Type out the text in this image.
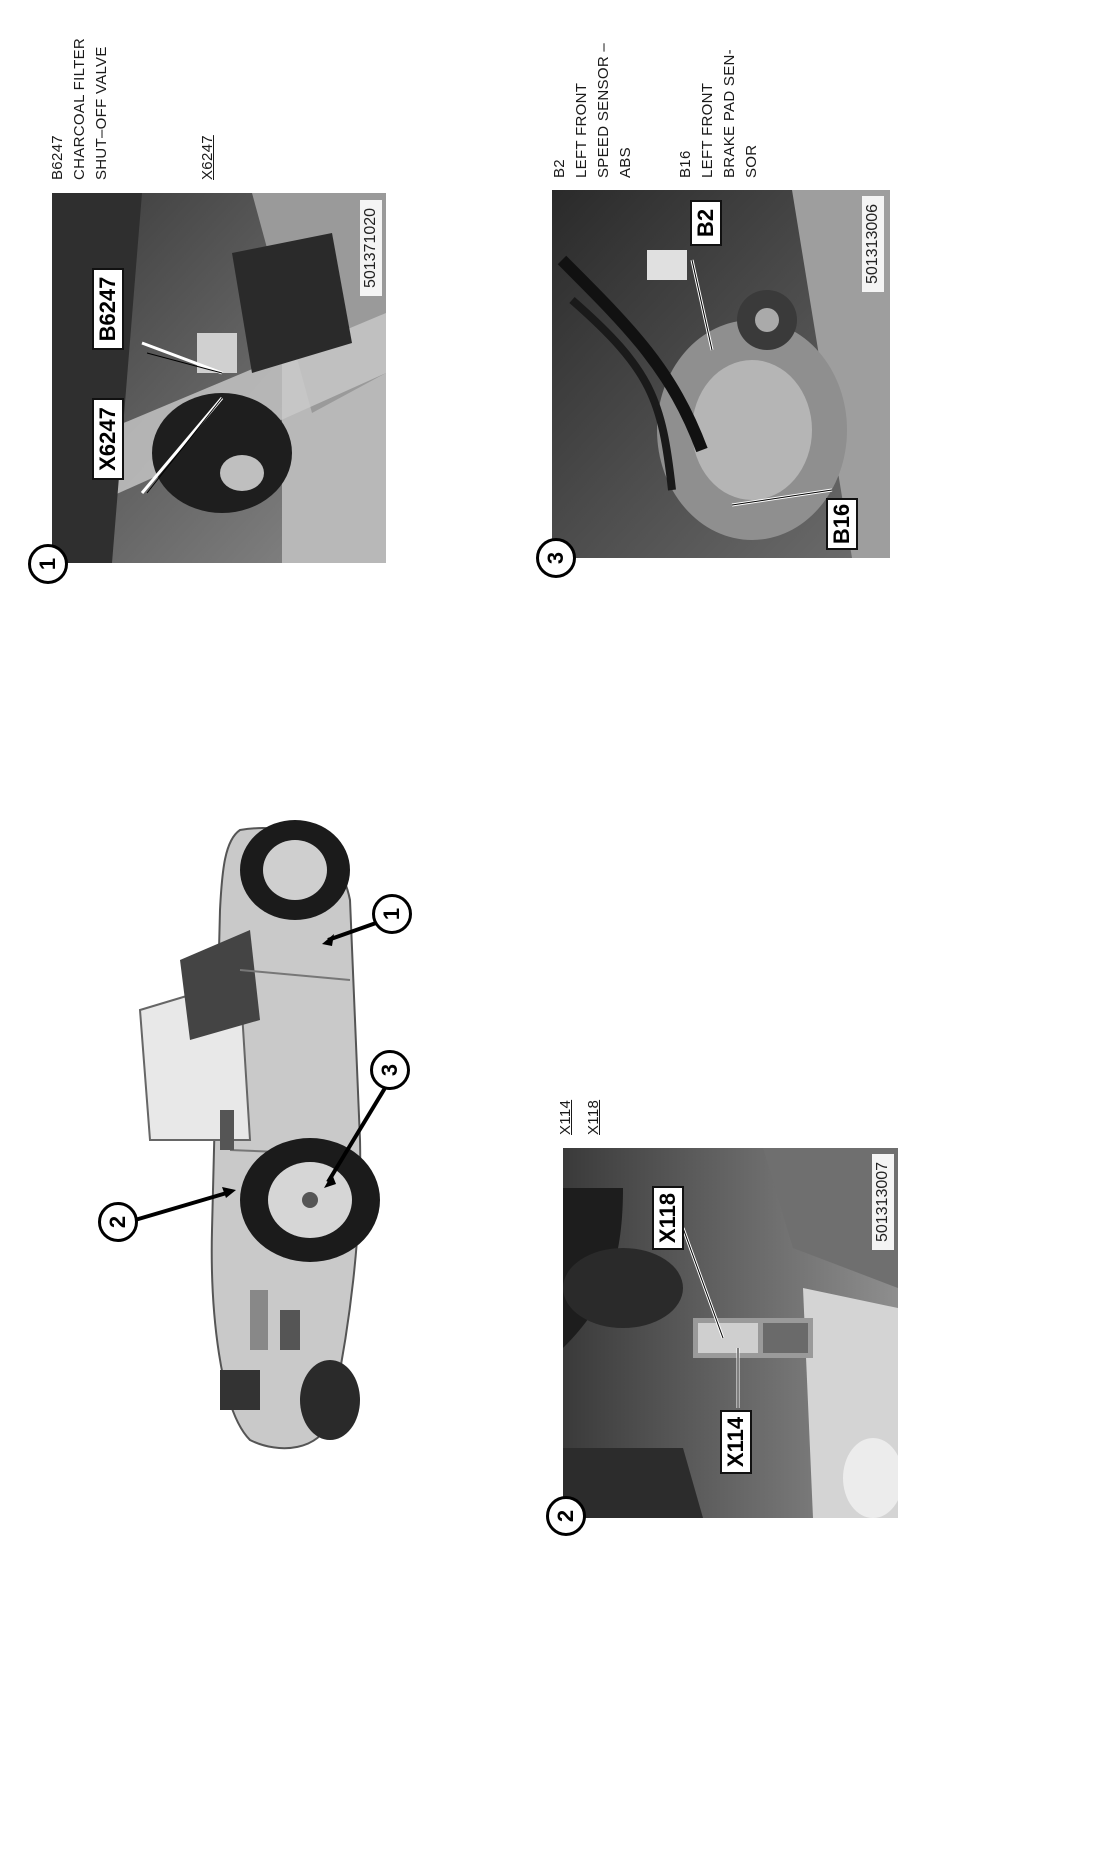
B6247
X6247
501371020
1
B6247 CHARCOAL FILTER SHUT–OFF VALVE	X6247
B2
B16
501313006
3
B2 LEFT FRONT SPEED SENSOR – ABS	B16 LEFT FRONT BRAKE PAD SEN- SOR
1
3
2	X118
X114
501313007
2
X114 X118
